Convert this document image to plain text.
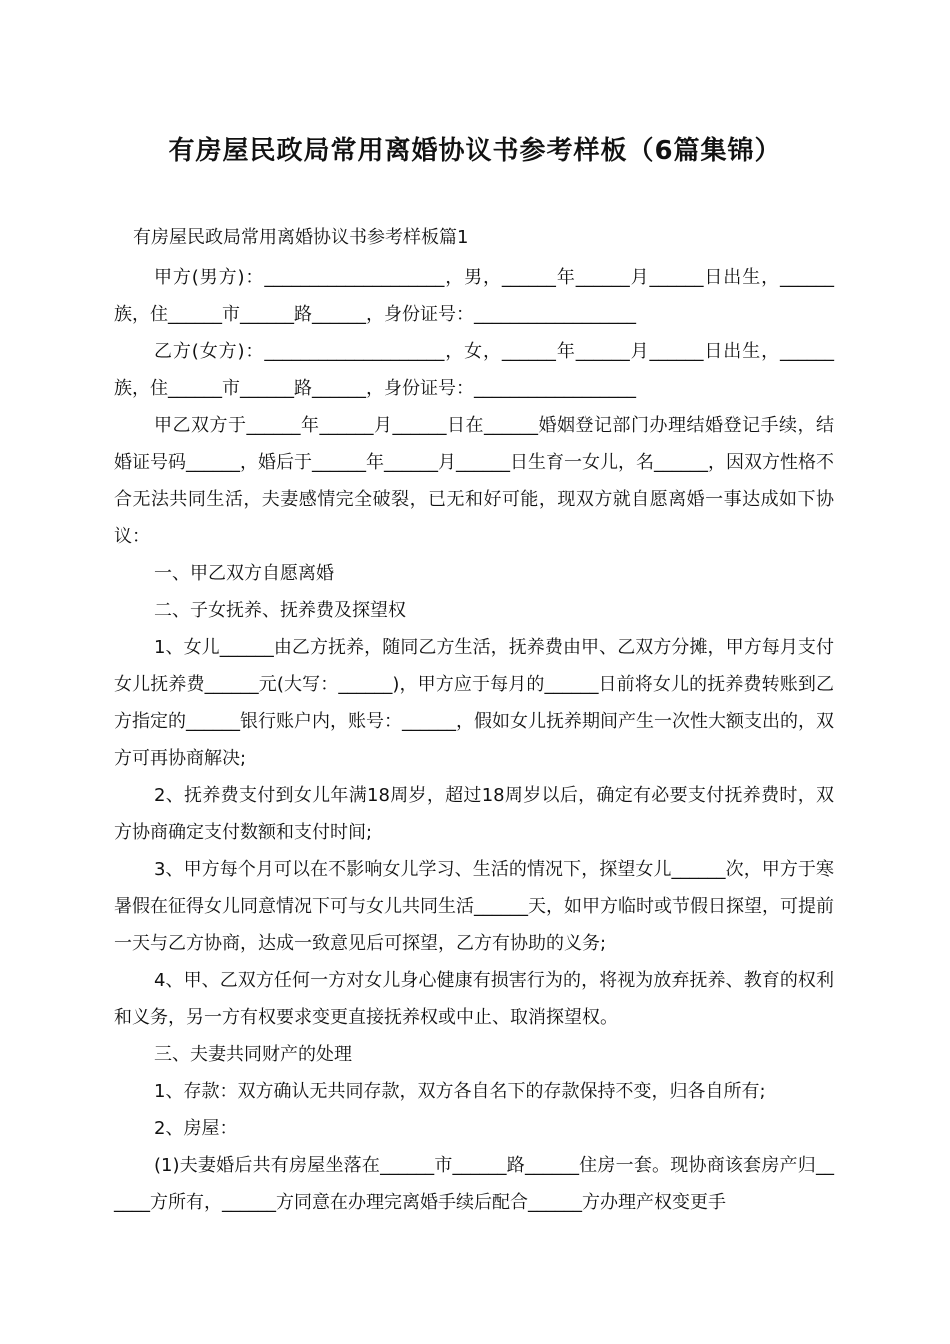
有房屋民政局常用离婚协议书参考样板（6篇集锦）
有房屋民政局常用离婚协议书参考样板篇1

甲方(男方)：____________________，男，______年______月______日出生，______族，住______市______路______，身份证号：__________________

乙方(女方)：____________________，女，______年______月______日出生，______族，住______市______路______，身份证号：__________________

甲乙双方于______年______月______日在______婚姻登记部门办理结婚登记手续，结婚证号码______，婚后于______年______月______日生育一女儿，名______，因双方性格不合无法共同生活，夫妻感情完全破裂，已无和好可能，现双方就自愿离婚一事达成如下协议：

一、甲乙双方自愿离婚

二、子女抚养、抚养费及探望权

1、女儿______由乙方抚养，随同乙方生活，抚养费由甲、乙双方分摊，甲方每月支付女儿抚养费______元(大写：______)，甲方应于每月的______日前将女儿的抚养费转账到乙方指定的______银行账户内，账号：______，假如女儿抚养期间产生一次性大额支出的，双方可再协商解决;

2、抚养费支付到女儿年满18周岁，超过18周岁以后，确定有必要支付抚养费时，双方协商确定支付数额和支付时间;

3、甲方每个月可以在不影响女儿学习、生活的情况下，探望女儿______次，甲方于寒暑假在征得女儿同意情况下可与女儿共同生活______天，如甲方临时或节假日探望，可提前一天与乙方协商，达成一致意见后可探望，乙方有协助的义务;

4、甲、乙双方任何一方对女儿身心健康有损害行为的，将视为放弃抚养、教育的权利和义务，另一方有权要求变更直接抚养权或中止、取消探望权。

三、夫妻共同财产的处理

1、存款：双方确认无共同存款，双方各自名下的存款保持不变，归各自所有;

2、房屋：

(1)夫妻婚后共有房屋坐落在______市______路______住房一套。现协商该套房产归______方所有，______方同意在办理完离婚手续后配合______方办理产权变更手
